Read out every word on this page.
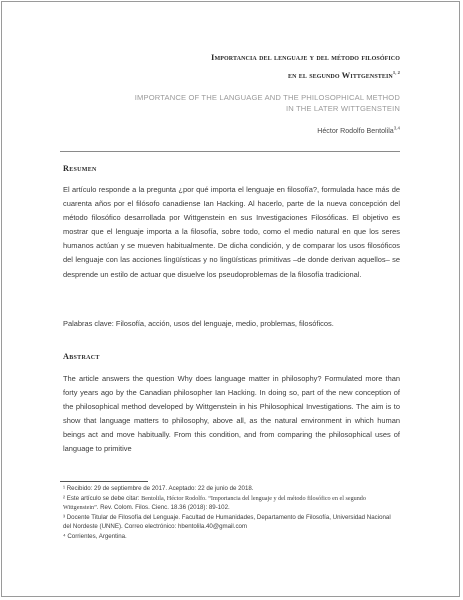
Importancia del lenguaje y del método filosófico
en el segundo Wittgenstein$^{1, 2}$
IMPORTANCE OF THE LANGUAGE AND THE PHILOSOPHICAL METHOD
IN THE LATER WITTGENSTEIN
Héctor Rodolfo Bentolila$^{3,4}$
Resumen

El artículo responde a la pregunta ¿por qué importa el lenguaje en filosofía?, formulada hace más de cuarenta años por el filósofo canadiense Ian Hacking. Al hacerlo, parte de la nueva concepción del método filosófico desarrollada por Wittgenstein en sus Investigaciones Filosóficas. El objetivo es mostrar que el lenguaje importa a la filosofía, sobre todo, como el medio natural en que los seres humanos actúan y se mueven habitualmente. De dicha condición, y de comparar los usos filosóficos del lenguaje con las acciones lingüísticas y no lingüísticas primitivas –de donde derivan aquellos– se desprende un estilo de actuar que disuelve los pseudoproblemas de la filosofía tradicional.

Palabras clave: Filosofía, acción, usos del lenguaje, medio, problemas, filosóficos.

Abstract

The article answers the question Why does language matter in philosophy? Formulated more than forty years ago by the Canadian philosopher Ian Hacking. In doing so, part of the new conception of the philosophical method developed by Wittgenstein in his Philosophical Investigations. The aim is to show that language matters to philosophy, above all, as the natural environment in which human beings act and move habitually. From this condition, and from comparing the philosophical uses of language to primitive

¹ Recibido: 29 de septiembre de 2017. Aceptado: 22 de junio de 2018.

² Este artículo se debe citar: Bentolila, Héctor Rodolfo. “Importancia del lenguaje y del método filosófico en el segundo Wittgenstein”. Rev. Colom. Filos. Cienc. 18.36 (2018): 89-102.

³ Docente Titular de Filosofía del Lenguaje. Facultad de Humanidades, Departamento de Filosofía, Universidad Nacional del Nordeste (UNNE). Correo electrónico: hbentolila.40@gmail.com

⁴ Corrientes, Argentina.
